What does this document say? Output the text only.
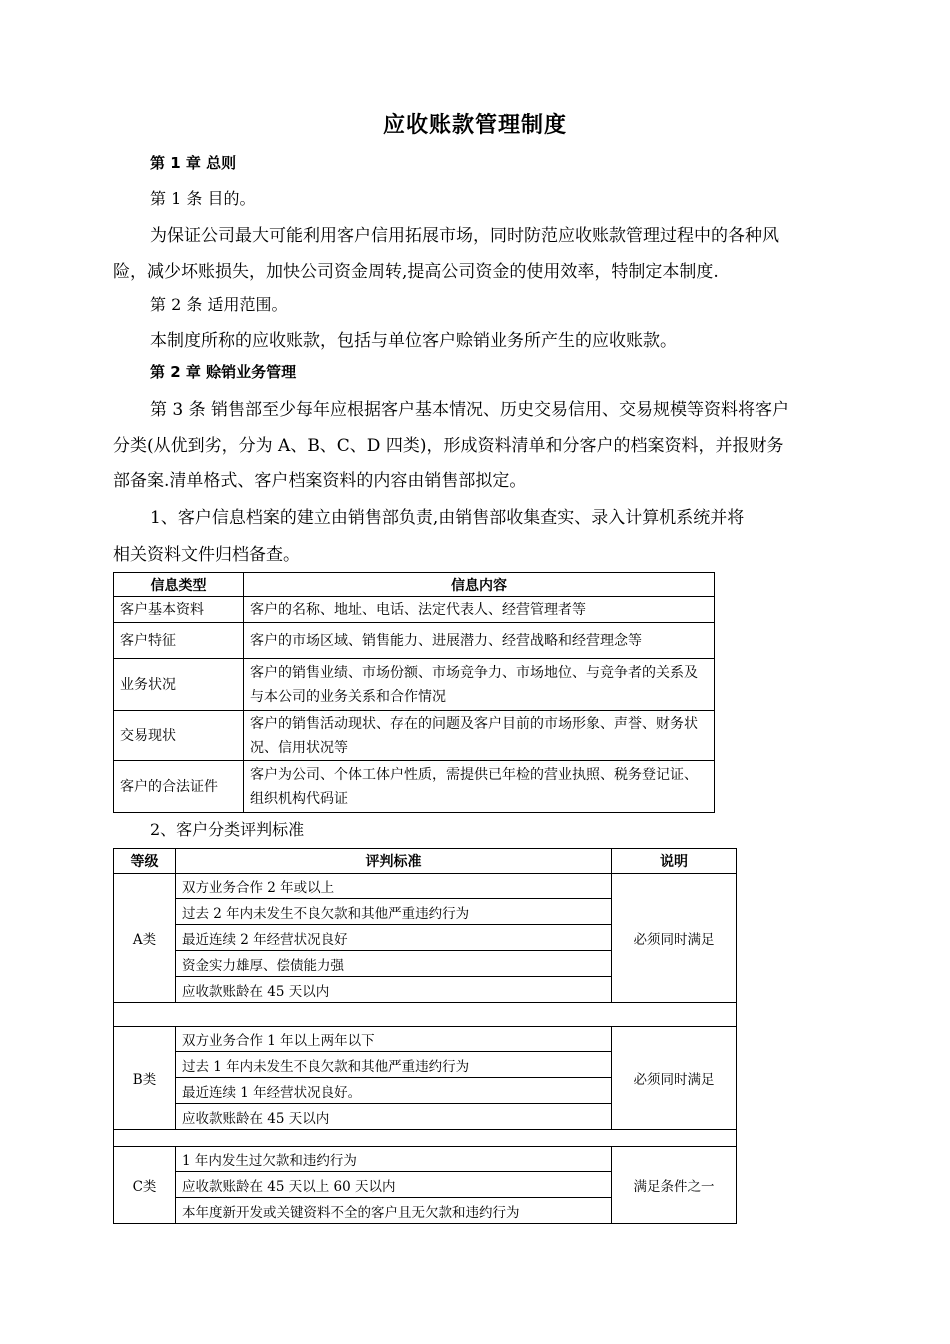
应收账款管理制度
第 1 章 总则
第 1 条 目的。
为保证公司最大可能利用客户信用拓展市场，同时防范应收账款管理过程中的各种风
险，减少坏账损失，加快公司资金周转,提高公司资金的使用效率，特制定本制度.
第 2 条 适用范围。
本制度所称的应收账款，包括与单位客户赊销业务所产生的应收账款。
第 2 章 赊销业务管理
第 3 条 销售部至少每年应根据客户基本情况、历史交易信用、交易规模等资料将客户
分类(从优到劣，分为 A、B、C、D 四类)，形成资料清单和分客户的档案资料，并报财务
部备案.清单格式、客户档案资料的内容由销售部拟定。
1、客户信息档案的建立由销售部负责,由销售部收集查实、录入计算机系统并将
相关资料文件归档备查。
信息类型	信息内容
客户基本资料	客户的名称、地址、电话、法定代表人、经营管理者等
客户特征	客户的市场区域、销售能力、进展潜力、经营战略和经营理念等
业务状况	客户的销售业绩、市场份额、市场竞争力、市场地位、与竞争者的关系及与本公司的业务关系和合作情况
交易现状	客户的销售活动现状、存在的问题及客户目前的市场形象、声誉、财务状况、信用状况等
客户的合法证件	客户为公司、个体工体户性质，需提供已年检的营业执照、税务登记证、组织机构代码证
2、客户分类评判标准
等级	评判标准	说明
A类	双方业务合作 2 年或以上	必须同时满足
	过去 2 年内未发生不良欠款和其他严重违约行为	
	最近连续 2 年经营状况良好	
	资金实力雄厚、偿债能力强	
	应收款账龄在 45 天以内	

B类	双方业务合作 1 年以上两年以下	必须同时满足
	过去 1 年内未发生不良欠款和其他严重违约行为	
	最近连续 1 年经营状况良好。	
	应收款账龄在 45 天以内	

C类	1 年内发生过欠款和违约行为	满足条件之一
	应收款账龄在 45 天以上 60 天以内	
	本年度新开发或关键资料不全的客户且无欠款和违约行为	
